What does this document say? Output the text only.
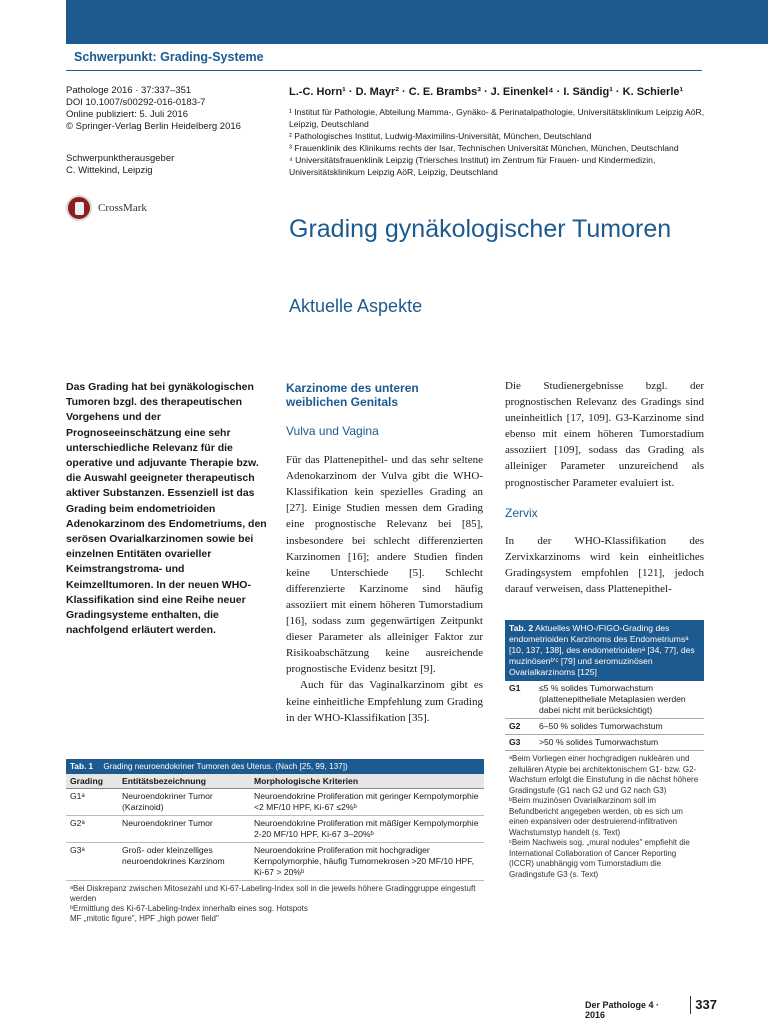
Schwerpunkt: Grading-Systeme
Pathologe 2016 · 37:337–351
DOI 10.1007/s00292-016-0183-7
Online publiziert: 5. Juli 2016
© Springer-Verlag Berlin Heidelberg 2016
Schwerpunktherausgeber
C. Wittekind, Leipzig
CrossMark
L.-C. Horn¹ · D. Mayr² · C. E. Brambs³ · J. Einenkel⁴ · I. Sändig¹ · K. Schierle¹
¹ Institut für Pathologie, Abteilung Mamma-, Gynäko- & Perinatalpathologie, Universitätsklinikum Leipzig AöR, Leipzig, Deutschland
² Pathologisches Institut, Ludwig-Maximilins-Universität, München, Deutschland
³ Frauenklinik des Klinikums rechts der Isar, Technischen Universität München, München, Deutschland
⁴ Universitätsfrauenklinik Leipzig (Triersches Institut) im Zentrum für Frauen- und Kindermedizin, Universitätsklinikum Leipzig AöR, Leipzig, Deutschland
Grading gynäkologischer Tumoren
Aktuelle Aspekte
Das Grading hat bei gynäkologischen Tumoren bzgl. des therapeutischen Vorgehens und der Prognoseeinschätzung eine sehr unterschiedliche Relevanz für die operative und adjuvante Therapie bzw. die Auswahl geeigneter therapeutisch aktiver Substanzen. Essenziell ist das Grading beim endometrioiden Adenokarzinom des Endometriums, den serösen Ovarialkarzinomen sowie bei einzelnen Entitäten ovarieller Keimstrangstroma- und Keimzelltumoren. In der neuen WHO-Klassifikation sind eine Reihe neuer Gradingsysteme enthalten, die nachfolgend erläutert werden.
Karzinome des unteren weiblichen Genitals
Vulva und Vagina
Für das Plattenepithel- und das sehr seltene Adenokarzinom der Vulva gibt die WHO-Klassifikation kein spezielles Grading an [27]. Einige Studien messen dem Grading eine prognostische Relevanz bei [85], insbesondere bei schlecht differenzierten Karzinomen [16]; andere Studien finden keine Unterschiede [5]. Schlecht differenzierte Karzinome sind häufig assoziiert mit einem höheren Tumorstadium [16], sodass zum gegenwärtigen Zeitpunkt dieser Parameter als alleiniger Faktor zur Risikoabschätzung keine ausreichende prognostische Evidenz besitzt [9].
Auch für das Vaginalkarzinom gibt es keine einheitliche Empfehlung zum Grading in der WHO-Klassifikation [35].
Die Studienergebnisse bzgl. der prognostischen Relevanz des Gradings sind uneinheitlich [17, 109]. G3-Karzinome sind ebenso mit einem höheren Tumorstadium assoziiert [109], sodass das Grading als alleiniger Parameter unzureichend als prognostischer Parameter evaluiert ist.
Zervix
In der WHO-Klassifikation des Zervixkarzinoms wird kein einheitliches Gradingsystem empfohlen [121], jedoch darauf verweisen, dass Plattenepithel-
Tab. 2 Aktuelles WHO-/FIGO-Grading des endometrioiden Karzinoms des Endometriumsᵃ [10, 137, 138], des endometrioidenᵃ [34, 77], des muzinösenᵇ'ᶜ [79] und seromuzinösen Ovarialkarzinoms [125]
G1	≤5 % solides Tumorwachstum (plattenepitheliale Metaplasien werden dabei nicht mit berücksichtigt)
G2	6–50 % solides Tumorwachstum
G3	>50 % solides Tumorwachstum
ᵃBeim Vorliegen einer hochgradigen nukleären und zellulären Atypie bei architektonischem G1- bzw. G2-Wachstum erfolgt die Einstufung in die nächst höhere Gradingstufe (G1 nach G2 und G2 nach G3)
ᵇBeim muzinösen Ovarialkarzinom soll im Befundbericht angegeben werden, ob es sich um einen expansiven oder destruierend-infiltrativen Wachstumstyp handelt (s. Text)
ᶜBeim Nachweis sog. „mural nodules" empfiehlt die International Collaboration of Cancer Reporting (ICCR) unabhängig vom Tumorstadium die Gradingstufe G3 (s. Text)
Tab. 1 Grading neuroendokriner Tumoren des Uterus. (Nach [25, 99, 137])
Grading	Entitätsbezeichnung	Morphologische Kriterien
G1ᵃ	Neuroendokriner Tumor (Karzinoid)	Neuroendokrine Proliferation mit geringer Kernpolymorphie <2 MF/10 HPF, Ki-67 ≤2%ᵇ
G2ᵃ	Neuroendokriner Tumor	Neuroendokrine Proliferation mit mäßiger Kernpolymorphie 2-20 MF/10 HPF, Ki-67 3–20%ᵇ
G3ᵃ	Groß- oder kleinzelliges neuroendokrines Karzinom	Neuroendokrine Proliferation mit hochgradiger Kernpolymorphie, häufig Tumornekrosen >20 MF/10 HPF, Ki-67 > 20%ᵇ
ᵃBei Diskrepanz zwischen Mitosezahl und Ki-67-Labeling-Index soll in die jeweils höhere Gradinggruppe eingestuft werden
ᵇErmittlung des Ki-67-Labeling-Index innerhalb eines sog. Hotspots
MF „mitotic figure", HPF „high power field"
Der Pathologe 4 · 2016
337
